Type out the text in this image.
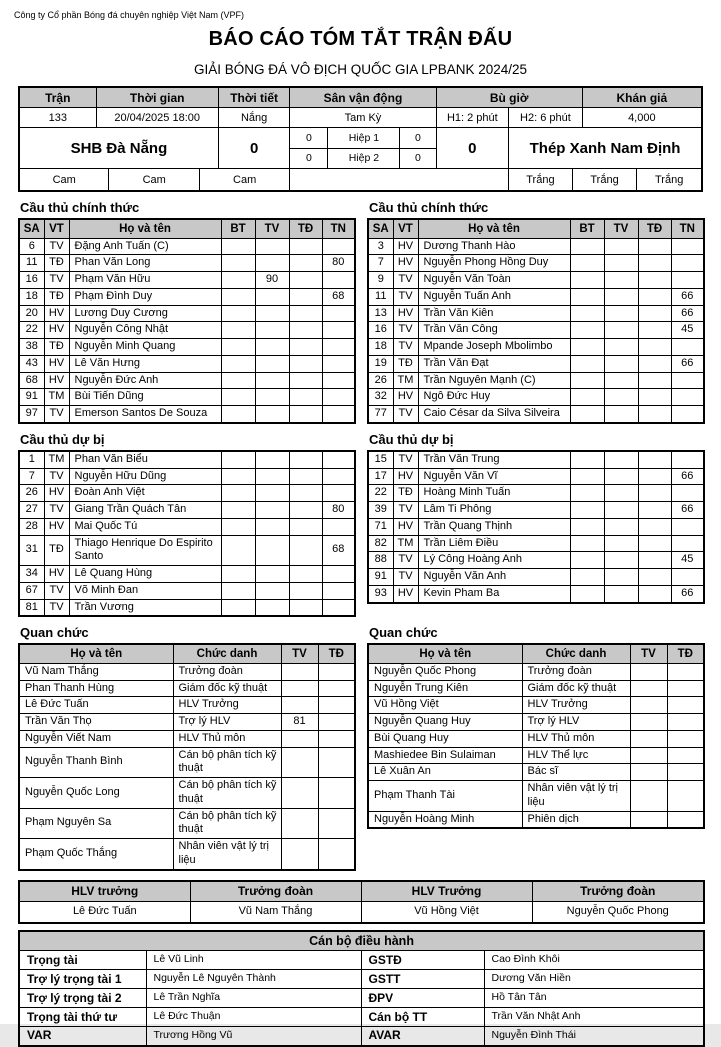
Công ty Cổ phần Bóng đá chuyên nghiệp Việt Nam (VPF)
BÁO CÁO TÓM TẮT TRẬN ĐẤU
GIẢI BÓNG ĐÁ VÔ ĐỊCH QUỐC GIA LPBANK 2024/25
Trận	Thời gian	Thời tiết	Sân vận động	Bù giờ	Khán giả
133	20/04/2025 18:00	Nắng	Tam Kỳ	H1: 2 phút	H2: 6 phút	4,000
SHB Đà Nẵng	0
0	Hiệp 1	0
0	Hiệp 2	0
0	Thép Xanh Nam Định
Cam	Cam	Cam	Trắng	Trắng	Trắng
Cầu thủ chính thức
SA	VT	Họ và tên	BT	TV	TĐ	TN
6	TV	Đặng Anh Tuấn (C)				
11	TĐ	Phan Văn Long				80
16	TV	Phạm Văn Hữu		90		
18	TĐ	Phạm Đình Duy				68
20	HV	Lương Duy Cương				
22	HV	Nguyễn Công Nhật				
38	TĐ	Nguyễn Minh Quang				
43	HV	Lê Văn Hưng				
68	HV	Nguyễn Đức Anh				
91	TM	Bùi Tiến Dũng				
97	TV	Emerson Santos De Souza				
Cầu thủ chính thức
SA	VT	Họ và tên	BT	TV	TĐ	TN
3	HV	Dương Thanh Hào				
7	HV	Nguyễn Phong Hồng Duy				
9	TV	Nguyễn Văn Toàn				
11	TV	Nguyễn Tuấn Anh				66
13	HV	Trần Văn Kiên				66
16	TV	Trần Văn Công				45
18	TV	Mpande Joseph Mbolimbo				
19	TĐ	Trần Văn Đạt				66
26	TM	Trần Nguyên Mạnh (C)				
32	HV	Ngô Đức Huy				
77	TV	Caio César da Silva Silveira				
Cầu thủ dự bị
1	TM	Phan Văn Biểu				
7	TV	Nguyễn Hữu Dũng				
26	HV	Đoàn Anh Việt				
27	TV	Giang Trần Quách Tân				80
28	HV	Mai Quốc Tú				
31	TĐ	Thiago Henrique Do Espirito Santo				68
34	HV	Lê Quang Hùng				
67	TV	Võ Minh Đan				
81	TV	Trần Vương				
Cầu thủ dự bị
15	TV	Trần Văn Trung				
17	HV	Nguyễn Văn Vĩ				66
22	TĐ	Hoàng Minh Tuấn				
39	TV	Lâm Ti Phông				66
71	HV	Trần Quang Thịnh				
82	TM	Trần Liêm Điều				
88	TV	Lý Công Hoàng Anh				45
91	TV	Nguyễn Văn Anh				
93	HV	Kevin Pham Ba				66
Quan chức
Họ và tên	Chức danh	TV	TĐ
Vũ Nam Thắng	Trưởng đoàn		
Phan Thanh Hùng	Giám đốc kỹ thuật		
Lê Đức Tuấn	HLV Trưởng		
Trần Văn Thọ	Trợ lý HLV	81	
Nguyễn Viết Nam	HLV Thủ môn		
Nguyễn Thanh Bình	Cán bộ phân tích kỹ thuật		
Nguyễn Quốc Long	Cán bộ phân tích kỹ thuật		
Phạm Nguyên Sa	Cán bộ phân tích kỹ thuật		
Phạm Quốc Thắng	Nhân viên vật lý trị liệu		
Quan chức
Họ và tên	Chức danh	TV	TĐ
Nguyễn Quốc Phong	Trưởng đoàn		
Nguyễn Trung Kiên	Giám đốc kỹ thuật		
Vũ Hồng Việt	HLV Trưởng		
Nguyễn Quang Huy	Trợ lý HLV		
Bùi Quang Huy	HLV Thủ môn		
Mashiedee Bin Sulaiman	HLV Thể lực		
Lê Xuân An	Bác sĩ		
Phạm Thanh Tài	Nhân viên vật lý trị liệu		
Nguyễn Hoàng Minh	Phiên dịch		
HLV trưởng	Trưởng đoàn	HLV Trưởng	Trưởng đoàn
Lê Đức Tuấn	Vũ Nam Thắng	Vũ Hồng Việt	Nguyễn Quốc Phong
Cán bộ điều hành			
Trọng tài	Lê Vũ Linh	GSTĐ	Cao Đình Khôi
Trợ lý trọng tài 1	Nguyễn Lê Nguyên Thành	GSTT	Dương Văn Hiền
Trợ lý trọng tài 2	Lê Trần Nghĩa	ĐPV	Hồ Tân Tân
Trọng tài thứ tư	Lê Đức Thuận	Cán bộ TT	Trần Văn Nhật Anh
VAR	Trương Hồng Vũ	AVAR	Nguyễn Đình Thái
